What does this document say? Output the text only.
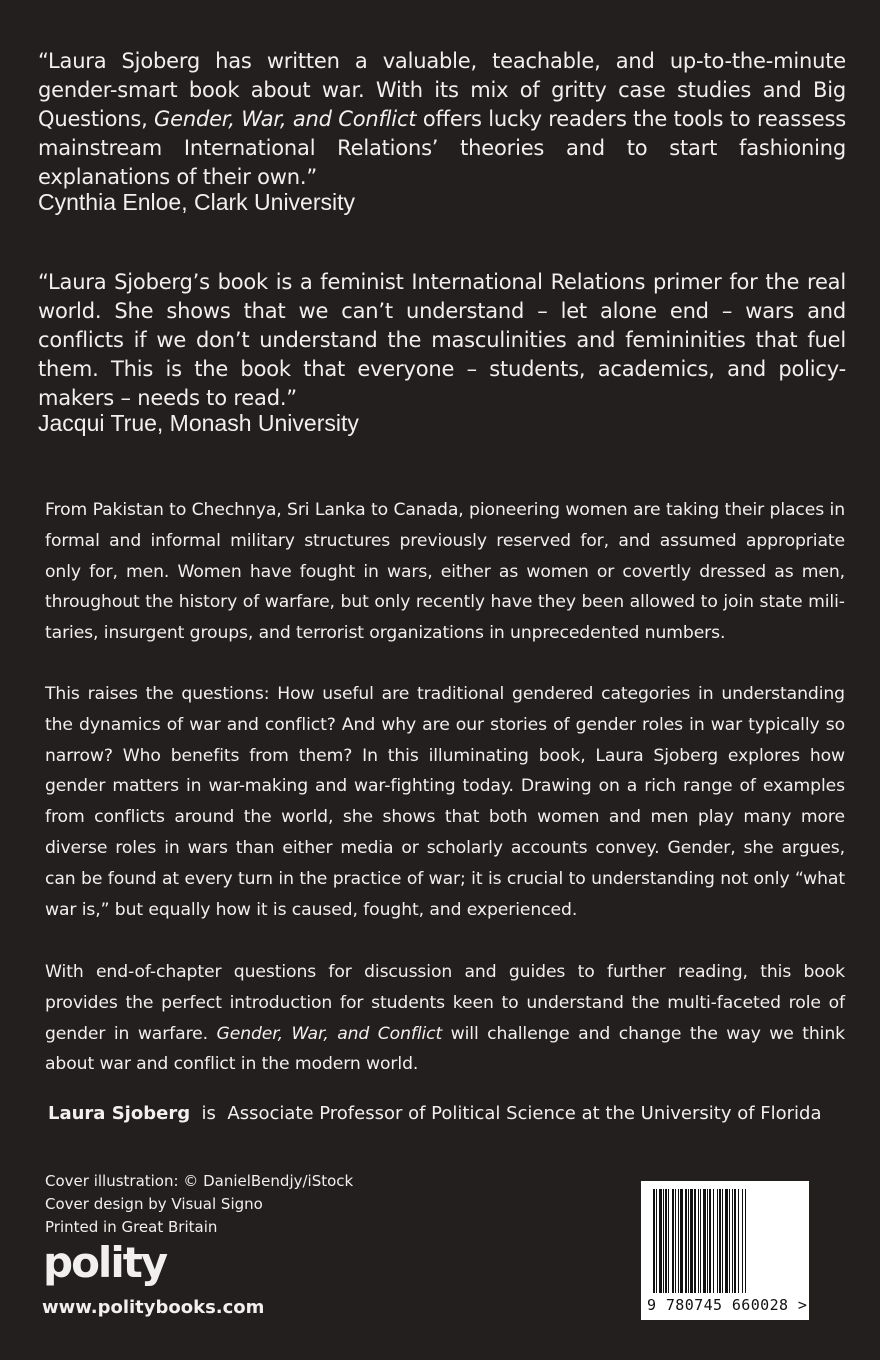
“Laura Sjoberg has written a valuable, teachable, and up-to-the-minute gender-smart book about war. With its mix of gritty case studies and Big Questions, Gender, War, and Conflict offers lucky readers the tools to reassess mainstream International Relations’ theories and to start fashioning explanations of their own.”
Cynthia Enloe, Clark University
“Laura Sjoberg’s book is a feminist International Relations primer for the real world. She shows that we can’t understand – let alone end – wars and conflicts if we don’t understand the masculinities and femininities that fuel them. This is the book that everyone – students, academics, and policy-makers – needs to read.”
Jacqui True, Monash University
From Pakistan to Chechnya, Sri Lanka to Canada, pioneering women are taking their places in formal and informal military structures previously reserved for, and assumed appropriate only for, men. Women have fought in wars, either as women or covertly dressed as men, throughout the history of warfare, but only recently have they been allowed to join state militaries, insurgent groups, and terrorist organizations in unprecedented numbers.
This raises the questions: How useful are traditional gendered categories in understanding the dynamics of war and conflict? And why are our stories of gender roles in war typically so narrow? Who benefits from them? In this illuminating book, Laura Sjoberg explores how gender matters in war-making and war-fighting today. Drawing on a rich range of examples from conflicts around the world, she shows that both women and men play many more diverse roles in wars than either media or scholarly accounts convey. Gender, she argues, can be found at every turn in the practice of war; it is crucial to understanding not only “what war is,” but equally how it is caused, fought, and experienced.
With end-of-chapter questions for discussion and guides to further reading, this book provides the perfect introduction for students keen to understand the multi-faceted role of gender in warfare. Gender, War, and Conflict will challenge and change the way we think about war and conflict in the modern world.
Laura Sjoberg is Associate Professor of Political Science at the University of Florida
Cover illustration: © DanielBendjy/iStock
Cover design by Visual Signo
Printed in Great Britain
polity
www.politybooks.com	9 780745 660028 >
